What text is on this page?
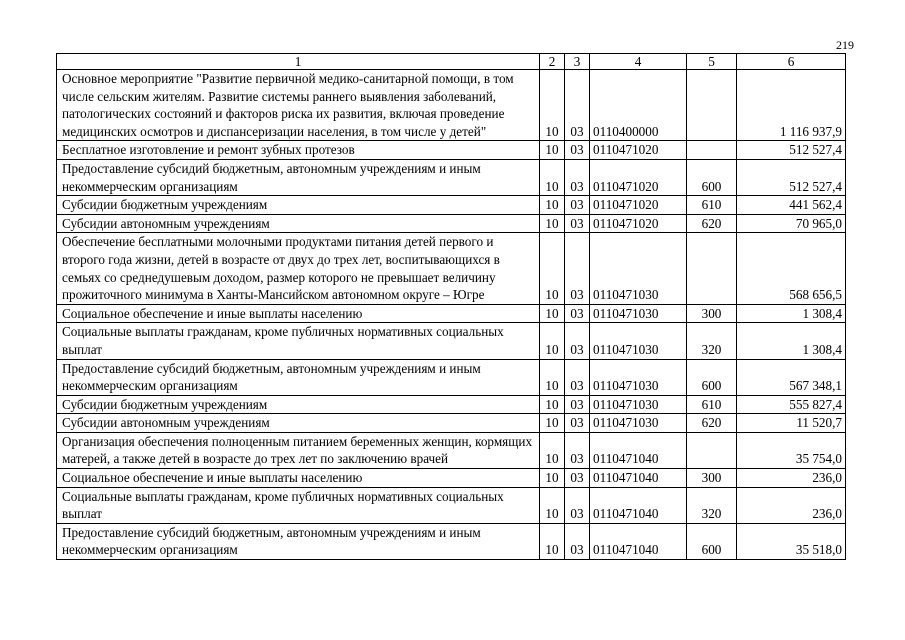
219
1	2	3	4	5	6
Основное мероприятие "Развитие первичной медико-санитарной помощи, в том числе сельским жителям. Развитие системы раннего выявления заболеваний, патологических состояний и факторов риска их развития, включая проведение медицинских осмотров и диспансеризации населения, в том числе у детей"	10	03	0110400000		1 116 937,9
Бесплатное изготовление и ремонт зубных протезов	10	03	0110471020		512 527,4
Предоставление субсидий бюджетным, автономным учреждениям и иным некоммерческим организациям	10	03	0110471020	600	512 527,4
Субсидии бюджетным учреждениям	10	03	0110471020	610	441 562,4
Субсидии автономным учреждениям	10	03	0110471020	620	70 965,0
Обеспечение бесплатными молочными продуктами питания детей первого и второго года жизни, детей в возрасте от двух до трех лет, воспитывающихся в семьях со среднедушевым доходом, размер которого не превышает величину прожиточного минимума в Ханты-Мансийском автономном округе – Югре	10	03	0110471030		568 656,5
Социальное обеспечение и иные выплаты населению	10	03	0110471030	300	1 308,4
Социальные выплаты гражданам, кроме публичных нормативных социальных выплат	10	03	0110471030	320	1 308,4
Предоставление субсидий бюджетным, автономным учреждениям и иным некоммерческим организациям	10	03	0110471030	600	567 348,1
Субсидии бюджетным учреждениям	10	03	0110471030	610	555 827,4
Субсидии автономным учреждениям	10	03	0110471030	620	11 520,7
Организация обеспечения полноценным питанием беременных женщин, кормящих матерей, а также детей в возрасте до трех лет по заключению врачей	10	03	0110471040		35 754,0
Социальное обеспечение и иные выплаты населению	10	03	0110471040	300	236,0
Социальные выплаты гражданам, кроме публичных нормативных социальных выплат	10	03	0110471040	320	236,0
Предоставление субсидий бюджетным, автономным учреждениям и иным некоммерческим организациям	10	03	0110471040	600	35 518,0
